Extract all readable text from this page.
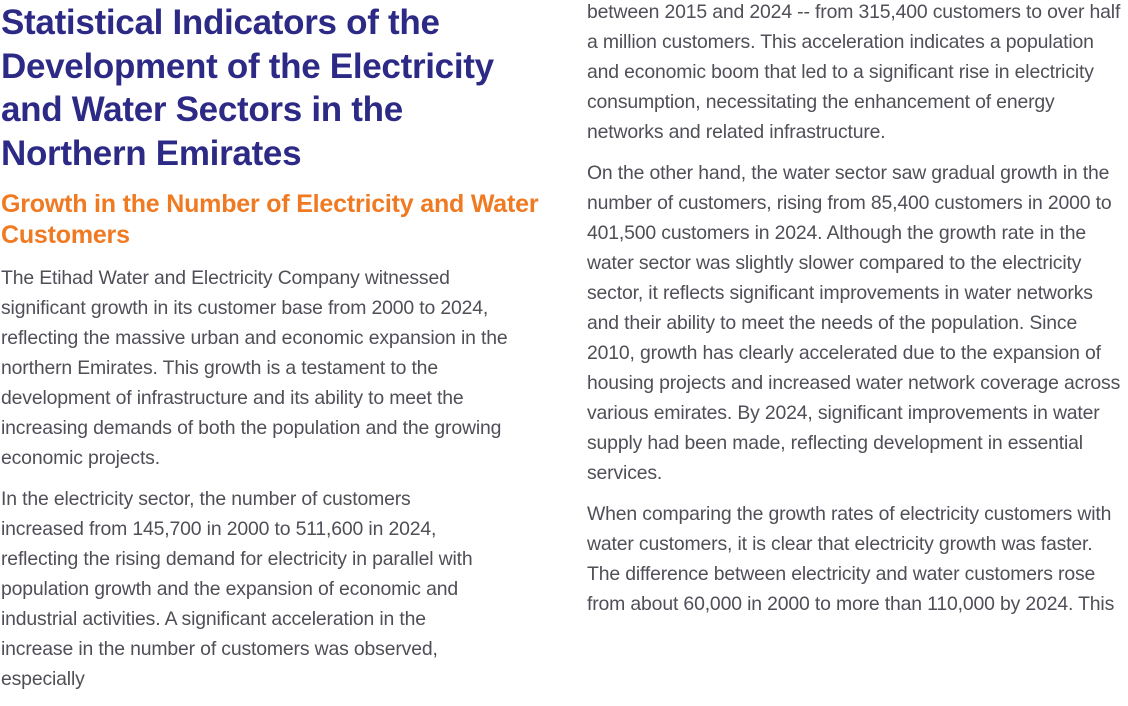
Statistical Indicators of the Development of the Electricity and Water Sectors in the Northern Emirates
Growth in the Number of Electricity and Water Customers

The Etihad Water and Electricity Company witnessed significant growth in its customer base from 2000 to 2024, reflecting the massive urban and economic expansion in the northern Emirates. This growth is a testament to the development of infrastructure and its ability to meet the increasing demands of both the population and the growing economic projects.

In the electricity sector, the number of customers increased from 145,700 in 2000 to 511,600 in 2024, reflecting the rising demand for electricity in parallel with population growth and the expansion of economic and industrial activities. A significant acceleration in the increase in the number of customers was observed, especially

between 2015 and 2024 -- from 315,400 customers to over half a million customers. This acceleration indicates a population and economic boom that led to a significant rise in electricity consumption, necessitating the enhancement of energy networks and related infrastructure.

On the other hand, the water sector saw gradual growth in the number of customers, rising from 85,400 customers in 2000 to 401,500 customers in 2024. Although the growth rate in the water sector was slightly slower compared to the electricity sector, it reflects significant improvements in water networks and their ability to meet the needs of the population. Since 2010, growth has clearly accelerated due to the expansion of housing projects and increased water network coverage across various emirates. By 2024, significant improvements in water supply had been made, reflecting development in essential services.

When comparing the growth rates of electricity customers with water customers, it is clear that electricity growth was faster. The difference between electricity and water customers rose from about 60,000 in 2000 to more than 110,000 by 2024. This
